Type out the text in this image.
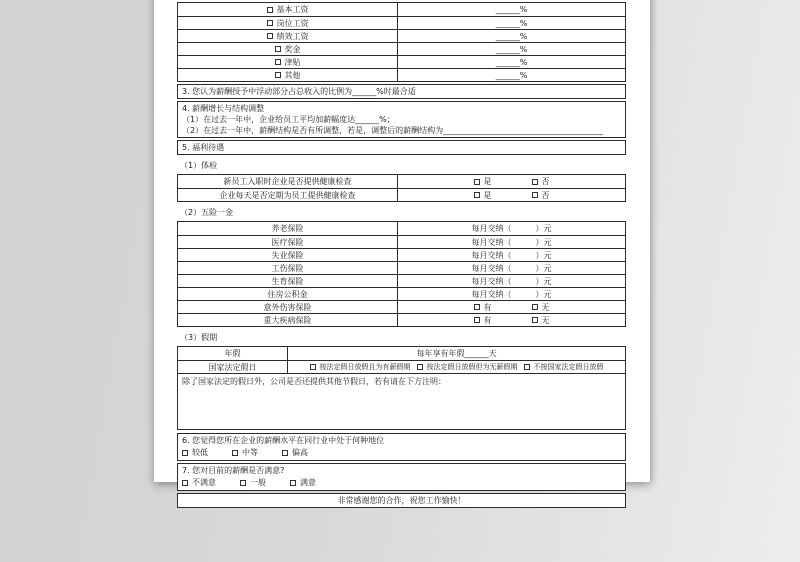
基本工资	______%
岗位工资	______%
绩效工资	______%
奖金	______%
津贴	______%
其他	______%
3. 您认为薪酬授予中浮动部分占总收入的比例为______%时最合适
4. 薪酬增长与结构调整
（1）在过去一年中，企业给员工平均加薪幅度达______%；
（2）在过去一年中，薪酬结构是否有所调整，若是，调整后的薪酬结构为________________________________________
5. 福利待遇
（1）体检
新员工入职时企业是否提供健康检查	是	否
企业每天是否定期为员工提供健康检查	是	否
（2）五险一金
养老保险	每月交纳（　　　）元
医疗保险	每月交纳（　　　）元
失业保险	每月交纳（　　　）元
工伤保险	每月交纳（　　　）元
生育保险	每月交纳（　　　）元
住房公积金	每月交纳（　　　）元
意外伤害保险	有	无
重大疾病保险	有	无
（3）假期
年假	每年享有年假______天
国家法定假日	按法定假日放假且为有薪假期 按法定假日放假但为无薪假期 不按国家法定假日放假
除了国家法定的假日外，公司是否还提供其他节假日，若有请在下方注明：
6. 您觉得您所在企业的薪酬水平在同行业中处于何种地位
较低	中等	偏高
7. 您对目前的薪酬是否满意?
不满意	一般	满意
非常感谢您的合作，祝您工作愉快！
